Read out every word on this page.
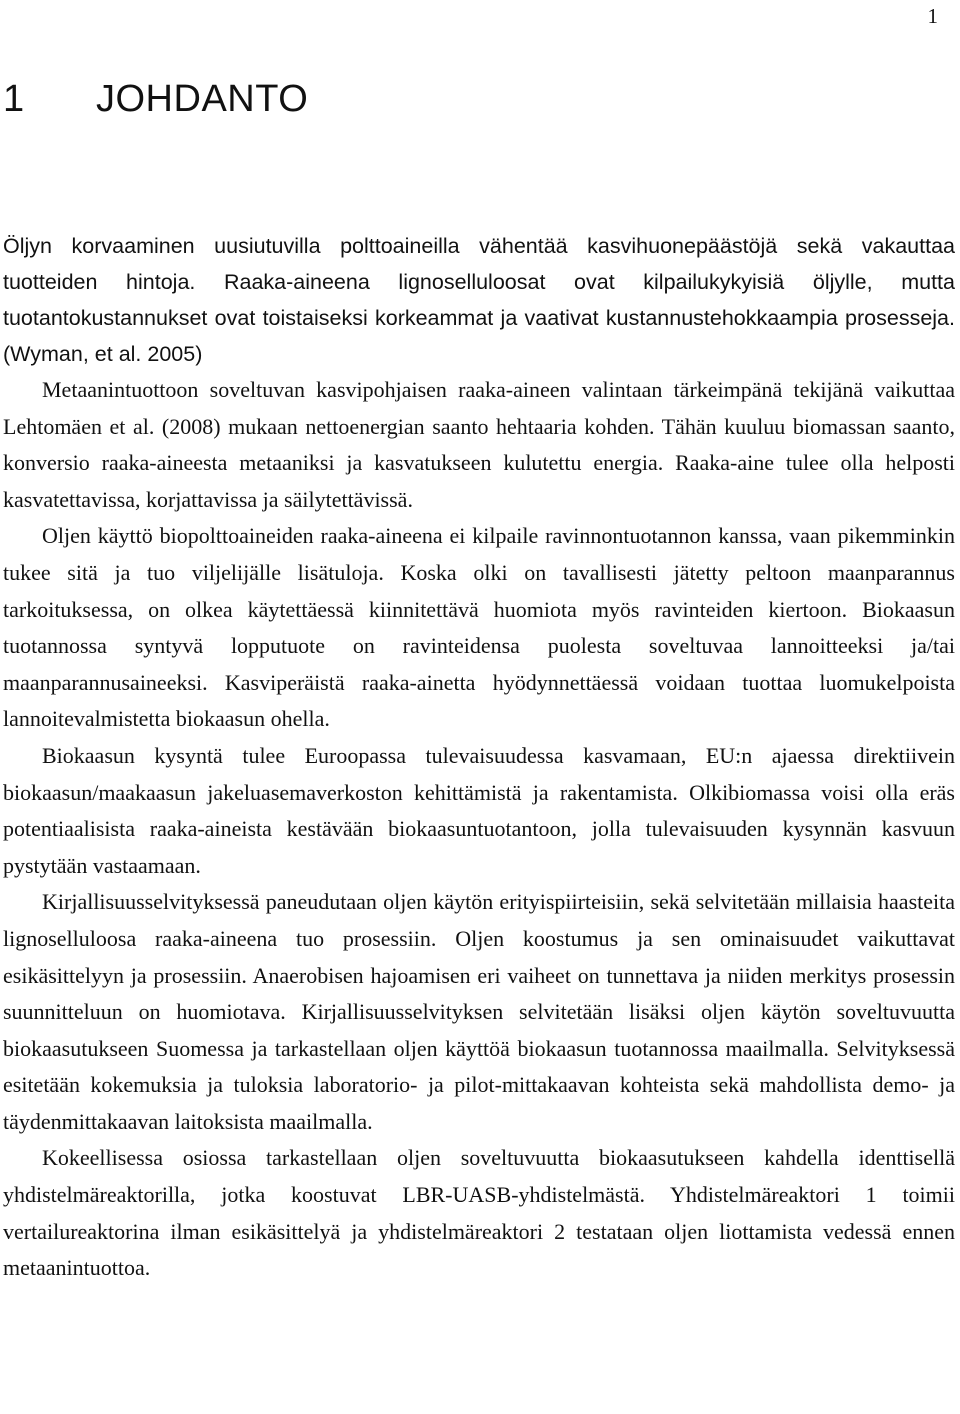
1
1 JOHDANTO

Öljyn korvaaminen uusiutuvilla polttoaineilla vähentää kasvihuonepäästöjä sekä vakauttaa tuotteiden hintoja. Raaka-aineena lignoselluloosat ovat kilpailukykyisiä öljylle, mutta tuotantokustannukset ovat toistaiseksi korkeammat ja vaativat kustannustehokkaampia prosesseja. (Wyman, et al. 2005)

Metaanintuottoon soveltuvan kasvipohjaisen raaka-aineen valintaan tärkeimpänä tekijänä vaikuttaa Lehtomäen et al. (2008) mukaan nettoenergian saanto hehtaaria kohden. Tähän kuuluu biomassan saanto, konversio raaka-aineesta metaaniksi ja kasvatukseen kulutettu energia. Raaka-aine tulee olla helposti kasvatettavissa, korjattavissa ja säilytettävissä.

Oljen käyttö biopolttoaineiden raaka-aineena ei kilpaile ravinnontuotannon kanssa, vaan pikemminkin tukee sitä ja tuo viljelijälle lisätuloja. Koska olki on tavallisesti jätetty peltoon maanparannus tarkoituksessa, on olkea käytettäessä kiinnitettävä huomiota myös ravinteiden kiertoon. Biokaasun tuotannossa syntyvä lopputuote on ravinteidensa puolesta soveltuvaa lannoitteeksi ja/tai maanparannusaineeksi. Kasviperäistä raaka-ainetta hyödynnettäessä voidaan tuottaa luomukelpoista lannoitevalmistetta biokaasun ohella.

Biokaasun kysyntä tulee Euroopassa tulevaisuudessa kasvamaan, EU:n ajaessa direktiivein biokaasun/maakaasun jakeluasemaverkoston kehittämistä ja rakentamista. Olkibiomassa voisi olla eräs potentiaalisista raaka-aineista kestävään biokaasuntuotantoon, jolla tulevaisuuden kysynnän kasvuun pystytään vastaamaan.

Kirjallisuusselvityksessä paneudutaan oljen käytön erityispiirteisiin, sekä selvitetään millaisia haasteita lignoselluloosa raaka-aineena tuo prosessiin. Oljen koostumus ja sen ominaisuudet vaikuttavat esikäsittelyyn ja prosessiin. Anaerobisen hajoamisen eri vaiheet on tunnettava ja niiden merkitys prosessin suunnitteluun on huomiotava. Kirjallisuusselvityksen selvitetään lisäksi oljen käytön soveltuvuutta biokaasutukseen Suomessa ja tarkastellaan oljen käyttöä biokaasun tuotannossa maailmalla. Selvityksessä esitetään kokemuksia ja tuloksia laboratorio- ja pilot-mittakaavan kohteista sekä mahdollista demo- ja täydenmittakaavan laitoksista maailmalla.

Kokeellisessa osiossa tarkastellaan oljen soveltuvuutta biokaasutukseen kahdella identtisellä yhdistelmäreaktorilla, jotka koostuvat LBR-UASB-yhdistelmästä. Yhdistelmäreaktori 1 toimii vertailureaktorina ilman esikäsittelyä ja yhdistelmäreaktori 2 testataan oljen liottamista vedessä ennen metaanintuottoa.
